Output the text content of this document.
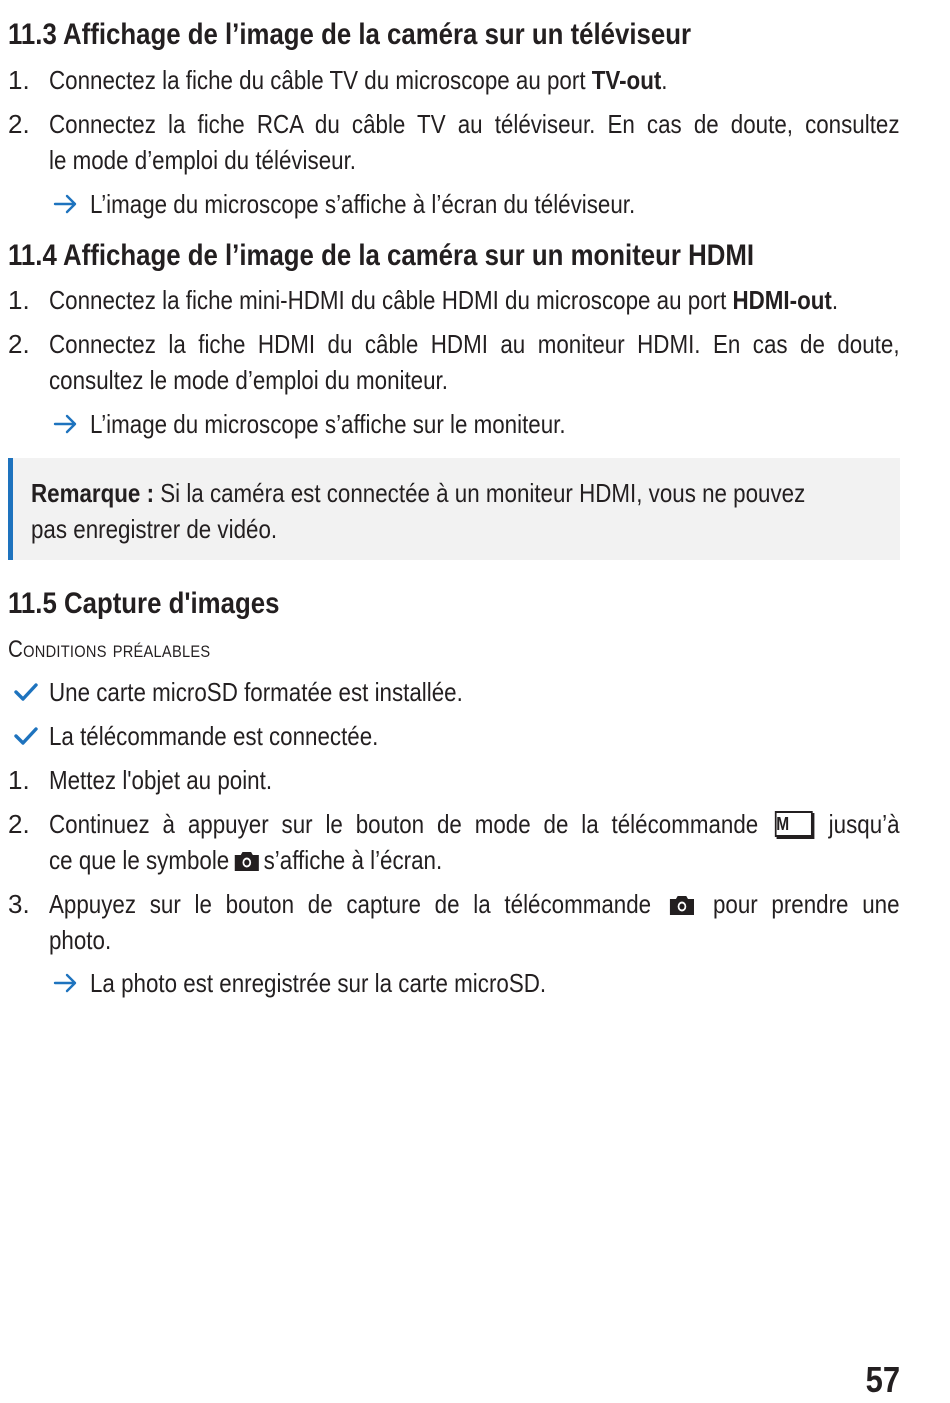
11.3 Affichage de l’image de la caméra sur un téléviseur
1. Connectez la fiche du câble TV du microscope au port TV-out.
2. Connectez la fiche RCA du câble TV au téléviseur. En cas de doute, consultez
le mode d’emploi du téléviseur.
L’image du microscope s’affiche à l’écran du téléviseur.
11.4 Affichage de l’image de la caméra sur un moniteur HDMI
1. Connectez la fiche mini-HDMI du câble HDMI du microscope au port HDMI-out.
2. Connectez la fiche HDMI du câble HDMI au moniteur HDMI. En cas de doute,
consultez le mode d’emploi du moniteur.
L’image du microscope s’affiche sur le moniteur.
Remarque : Si la caméra est connectée à un moniteur HDMI, vous ne pouvez
pas enregistrer de vidéo.
11.5 Capture d'images
Conditions préalables
Une carte microSD formatée est installée.
La télécommande est connectée.
1. Mettez l'objet au point.
2. Continuez à appuyer sur le bouton de mode de la télécommande M jusqu’à
ce que le symbole s’affiche à l’écran.
3. Appuyez sur le bouton de capture de la télécommande pour prendre une
photo.
La photo est enregistrée sur la carte microSD.
57
